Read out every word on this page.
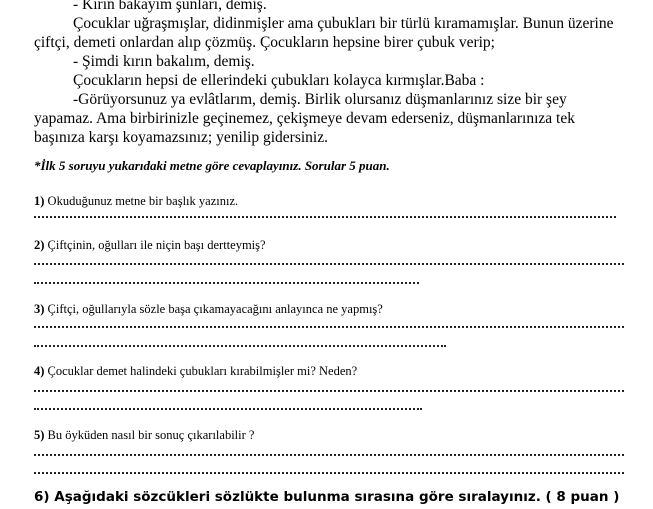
- Kırın bakayım şunları, demiş.
Çocuklar uğraşmışlar, didinmişler ama çubukları bir türlü kıramamışlar. Bunun üzerine
çiftçi, demeti onlardan alıp çözmüş. Çocukların hepsine birer çubuk verip;
- Şimdi kırın bakalım, demiş.
Çocukların hepsi de ellerindeki çubukları kolayca kırmışlar.Baba :
-Görüyorsunuz ya evlâtlarım, demiş. Birlik olursanız düşmanlarınız size bir şey
yapamaz. Ama birbirinizle geçinemez, çekişmeye devam ederseniz, düşmanlarınıza tek
başınıza karşı koyamazsınız; yenilip gidersiniz.
*İlk 5 soruyu yukarıdaki metne göre cevaplayınız. Sorular 5 puan.
1) Okuduğunuz metne bir başlık yazınız.
2) Çiftçinin, oğulları ile niçin başı dertteymiş?
3) Çiftçi, oğullarıyla sözle başa çıkamayacağını anlayınca ne yapmış?
4) Çocuklar demet halindeki çubukları kırabilmişler mi? Neden?
5) Bu öyküden nasıl bir sonuç çıkarılabilir ?
6) Aşağıdaki sözcükleri sözlükte bulunma sırasına göre sıralayınız. ( 8 puan )
